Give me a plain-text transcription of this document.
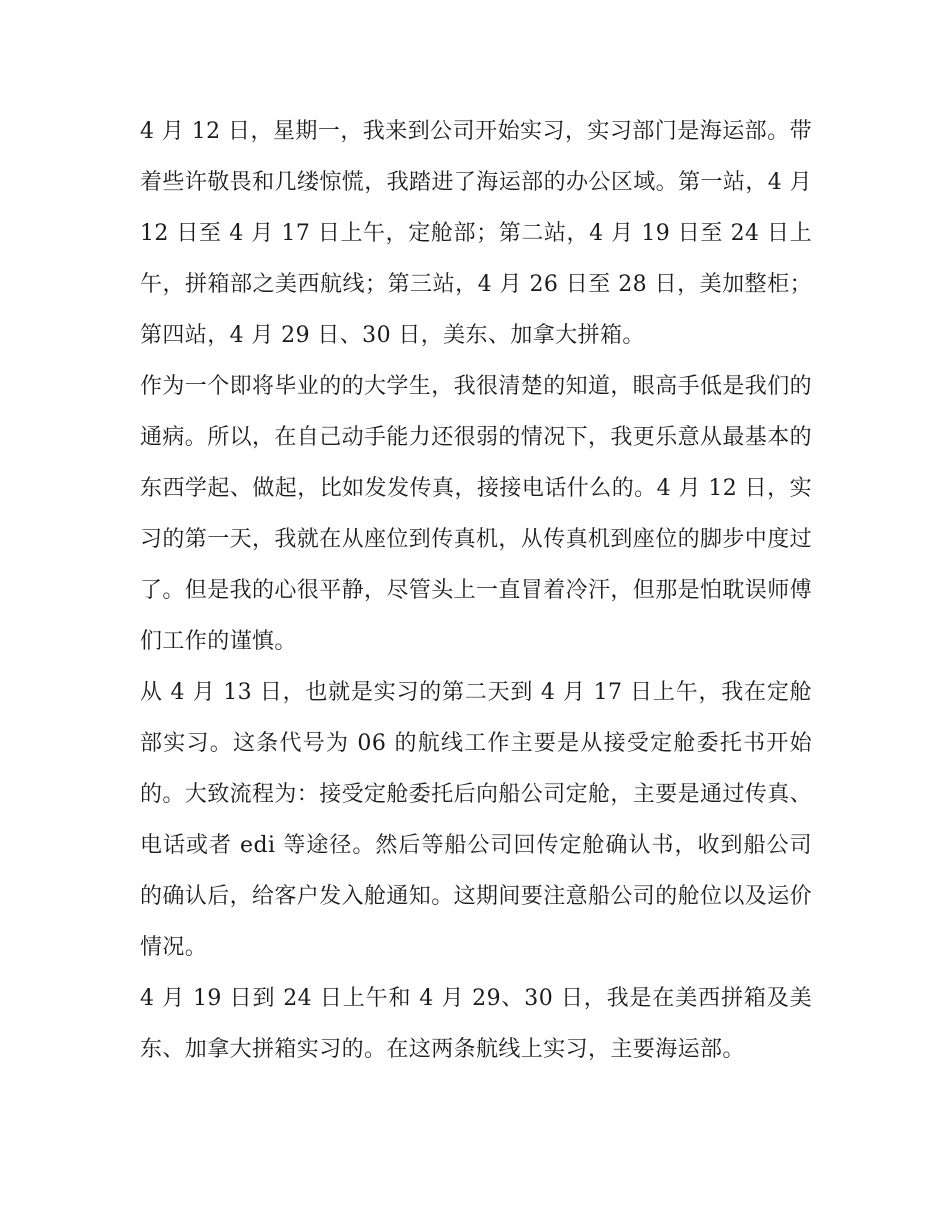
4 月 12 日，星期一，我来到公司开始实习，实习部门是海运部。带着些许敬畏和几缕惊慌，我踏进了海运部的办公区域。第一站，4 月 12 日至 4 月 17 日上午，定舱部；第二站，4 月 19 日至 24 日上午，拼箱部之美西航线；第三站，4 月 26 日至 28 日，美加整柜；第四站，4 月 29 日、30 日，美东、加拿大拼箱。

作为一个即将毕业的的大学生，我很清楚的知道，眼高手低是我们的通病。所以，在自己动手能力还很弱的情况下，我更乐意从最基本的东西学起、做起，比如发发传真，接接电话什么的。4 月 12 日，实习的第一天，我就在从座位到传真机，从传真机到座位的脚步中度过了。但是我的心很平静，尽管头上一直冒着冷汗，但那是怕耽误师傅们工作的谨慎。

从 4 月 13 日，也就是实习的第二天到 4 月 17 日上午，我在定舱部实习。这条代号为 06 的航线工作主要是从接受定舱委托书开始的。大致流程为：接受定舱委托后向船公司定舱，主要是通过传真、电话或者 edi 等途径。然后等船公司回传定舱确认书，收到船公司的确认后，给客户发入舱通知。这期间要注意船公司的舱位以及运价情况。

4 月 19 日到 24 日上午和 4 月 29、30 日，我是在美西拼箱及美东、加拿大拼箱实习的。在这两条航线上实习，主要海运部。
